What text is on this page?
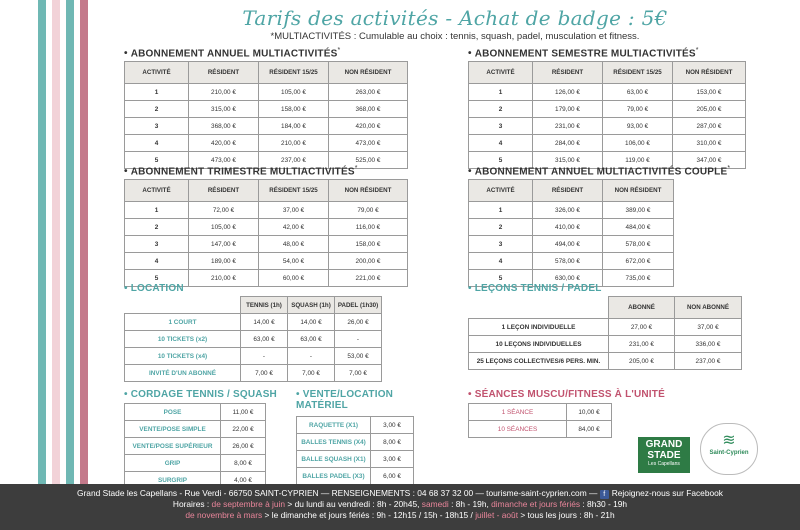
Tarifs des activités - Achat de badge : 5€
*MULTIACTIVITÉS : Cumulable au choix : tennis, squash, padel, musculation et fitness.
• ABONNEMENT ANNUEL MULTIACTIVITÉS*
ACTIVITÉ	RÉSIDENT	RÉSIDENT 15/25	NON RÉSIDENT
1	210,00 €	105,00 €	263,00 €
2	315,00 €	158,00 €	368,00 €
3	368,00 €	184,00 €	420,00 €
4	420,00 €	210,00 €	473,00 €
5	473,00 €	237,00 €	525,00 €
• ABONNEMENT SEMESTRE MULTIACTIVITÉS*
ACTIVITÉ	RÉSIDENT	RÉSIDENT 15/25	NON RÉSIDENT
1	126,00 €	63,00 €	153,00 €
2	179,00 €	79,00 €	205,00 €
3	231,00 €	93,00 €	287,00 €
4	284,00 €	106,00 €	310,00 €
5	315,00 €	119,00 €	347,00 €
• ABONNEMENT TRIMESTRE MULTIACTIVITÉS*
ACTIVITÉ	RÉSIDENT	RÉSIDENT 15/25	NON RÉSIDENT
1	72,00 €	37,00 €	79,00 €
2	105,00 €	42,00 €	116,00 €
3	147,00 €	48,00 €	158,00 €
4	189,00 €	54,00 €	200,00 €
5	210,00 €	60,00 €	221,00 €
• ABONNEMENT ANNUEL MULTIACTIVITÉS COUPLE*
ACTIVITÉ	RÉSIDENT	NON RÉSIDENT
1	326,00 €	389,00 €
2	410,00 €	484,00 €
3	494,00 €	578,00 €
4	578,00 €	672,00 €
5	630,00 €	735,00 €
• LOCATION
	TENNIS (1h)	SQUASH (1h)	PADEL (1h30)
1 COURT	14,00 €	14,00 €	26,00 €
10 TICKETS (x2)	63,00 €	63,00 €	-
10 TICKETS (x4)	-	-	53,00 €
INVITÉ D'UN ABONNÉ	7,00 €	7,00 €	7,00 €
• LEÇONS TENNIS / PADEL
	ABONNÉ	NON ABONNÉ
1 LEÇON INDIVIDUELLE	27,00 €	37,00 €
10 LEÇONS INDIVIDUELLES	231,00 €	336,00 €
25 LEÇONS COLLECTIVES/6 PERS. MIN.	205,00 €	237,00 €
• CORDAGE TENNIS / SQUASH
POSE	11,00 €
VENTE/POSE SIMPLE	22,00 €
VENTE/POSE SUPÉRIEUR	26,00 €
GRIP	8,00 €
SURGRIP	4,00 €
• VENTE/LOCATION
MATÉRIEL
RAQUETTE (X1)	3,00 €
BALLES TENNIS (X4)	8,00 €
BALLE SQUASH (X1)	3,00 €
BALLES PADEL (X3)	6,00 €
• SÉANCES MUSCU/FITNESS À L'UNITÉ
1 SÉANCE	10,00 €
10 SÉANCES	84,00 €
GRAND STADE
Les Capellans
≋
Saint-Cyprien
Grand Stade les Capellans - Rue Verdi - 66750 SAINT-CYPRIEN — RENSEIGNEMENTS : 04 68 37 32 00 — tourisme-saint-cyprien.com — f Rejoignez-nous sur Facebook
Horaires : de septembre à juin > du lundi au vendredi : 8h - 20h45, samedi : 8h - 19h, dimanche et jours fériés : 8h30 - 19h
de novembre à mars > le dimanche et jours fériés : 9h - 12h15 / 15h - 18h15 / juillet - août > tous les jours : 8h - 21h
